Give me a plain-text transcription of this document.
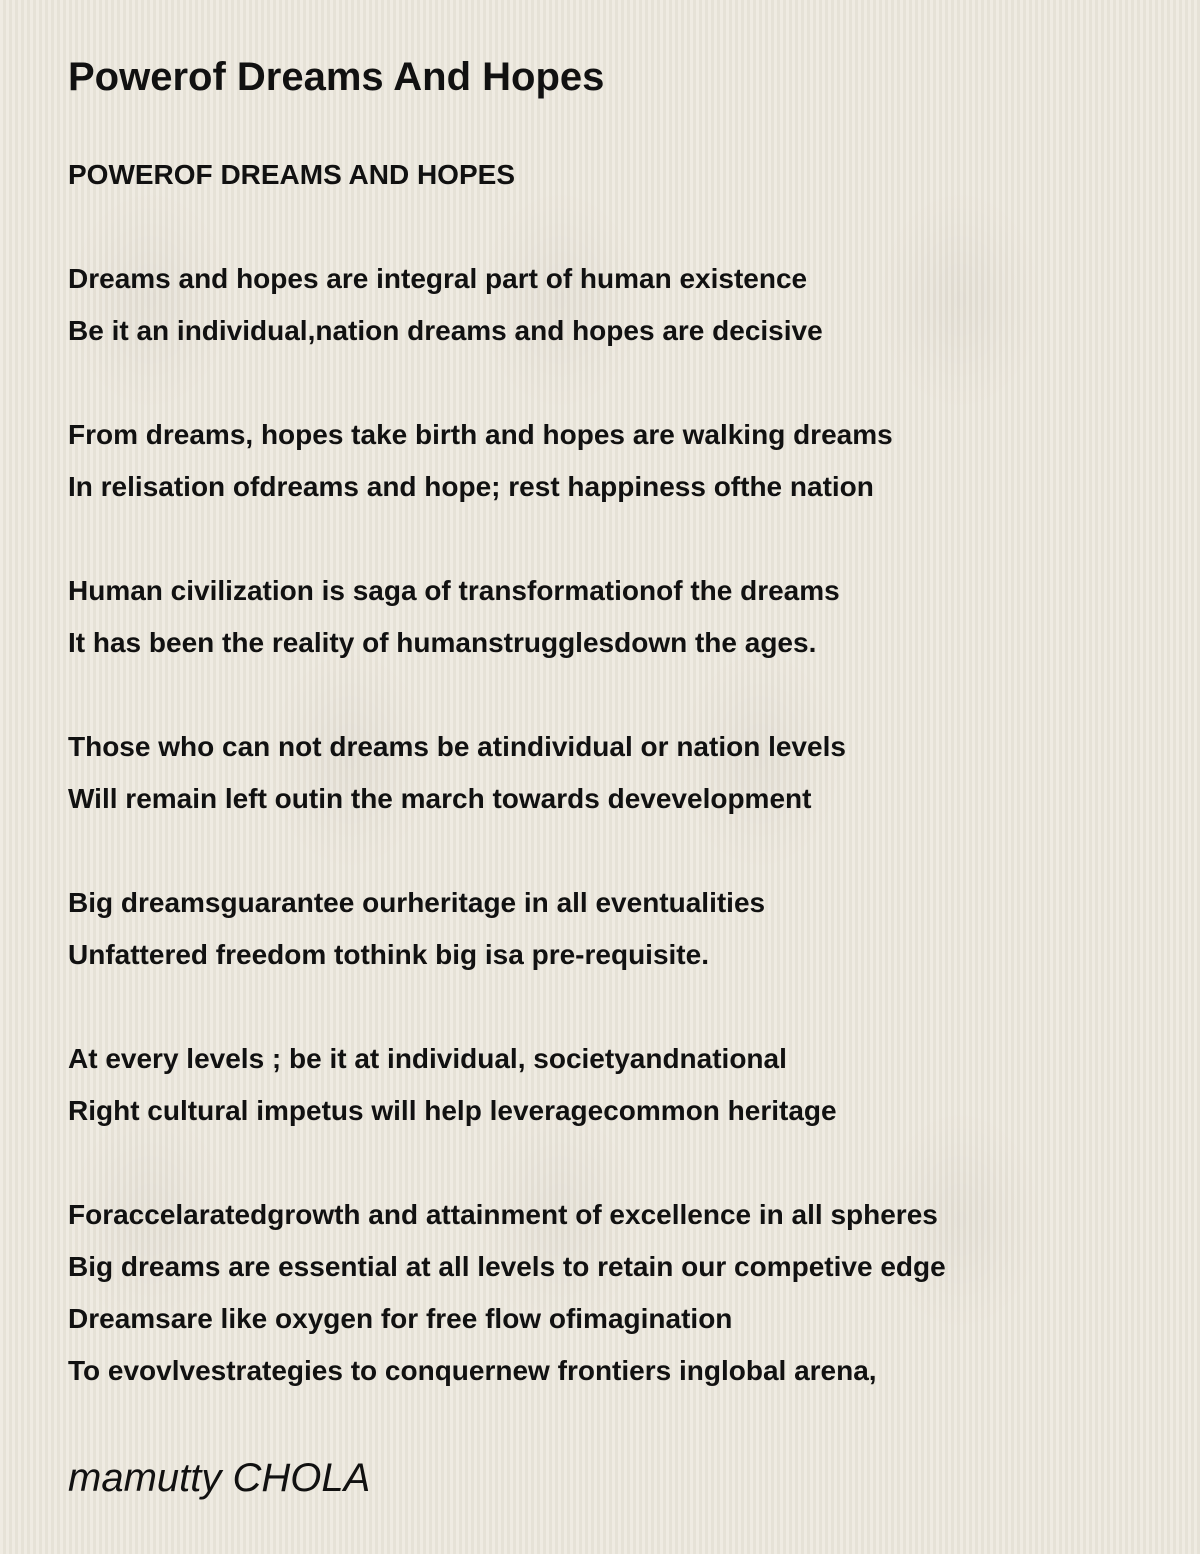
Powerof Dreams And Hopes
POWEROF DREAMS AND HOPES
Dreams and hopes are integral part of human existence
Be it an individual,nation dreams and hopes are decisive
From dreams, hopes take birth and hopes are walking dreams
In relisation ofdreams and hope; rest happiness ofthe nation
Human civilization is saga of transformationof the dreams
It has been the reality of humanstrugglesdown the ages.
Those who can not dreams be atindividual or nation levels
Will remain left outin the march towards devevelopment
Big dreamsguarantee ourheritage in all eventualities
Unfattered freedom tothink big isa pre-requisite.
At every levels ; be it at individual, societyandnational
Right cultural impetus will help leveragecommon heritage
Foraccelaratedgrowth and attainment of excellence in all spheres
Big dreams are essential at all levels to retain our competive edge
Dreamsare like oxygen for free flow ofimagination
To evovlvestrategies to conquernew frontiers inglobal arena,

mamutty CHOLA
